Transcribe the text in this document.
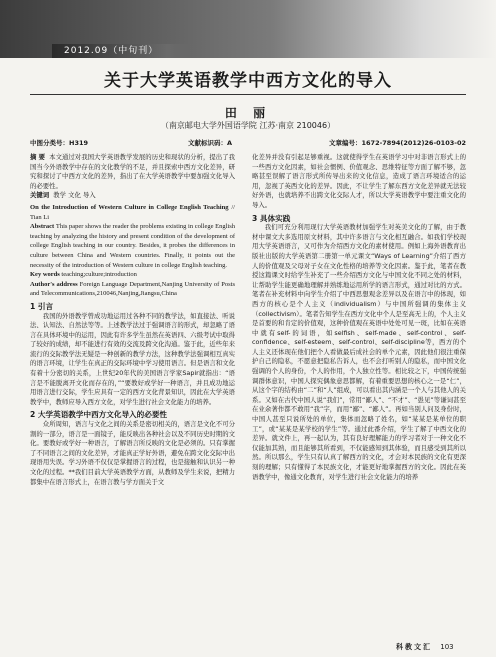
2012.09（中旬刊）
关于大学英语教学中西方文化的导入
田 丽
（南京邮电大学外国语学院 江苏·南京 210046）
中图分类号：H319	文献标识码：A	文章编号：1672-7894(2012)26-0103-02

摘 要 本文通过对我国大学英语教学发展的历史和现状的分析，提出了我国当今外语教学中存在的文化教学的不足，并且探索中西方文化差异，研究和探讨了中西方文化的差异，指出了在大学英语教学中要加强文化导入的必要性。

关键词 教学 文化 导入

On the Introduction of Western Culture in College English Teaching // Tian Li

Abstract This paper shows the reader the problems existing in college English teaching by analyzing the history and present condition of the development of college English teaching in our country. Besides, it probes the differences in culture between China and Western countries. Finally, it points out the necessity of the introduction of Western culture in college English teaching.

Key words teaching;culture;introduction

Author's address Foreign Language Department,Nanjing University of Posts and Telecommunications,210046,Nanjing,Jiangsu,China

1 引言

我国的外语教学曾成功地运用过各种不同的教学法，如直接法、听说法、认知法、自然法等等。上述教学法过于强调语言的形式，却忽略了语言在具体环境中的运用，因此有许多学生虽然在英语四、六级考试中取得了较好的成绩，却不能进行有效的交流及跨文化沟通。鉴于此，近些年来流行的交际教学法无疑是一种创新的教学方法，这种教学法强调相互真实的语言环境，让学生在真正的交际环境中学习使用语言。但是语言和文化有着十分密切的关系，上世纪20年代的美国语言学家Sapir就指出：“语言是不能脱离开文化而存在的，”“要教好或学好一种语言，并且成功地运用语言进行交际，学生应具有一定的西方文化背景知识，因此在大学英语教学中，教师应导入西方文化，对学生进行社会文化能力的培养。

2 大学英语教学中西方文化导入的必要性

众所周知，语言与文化之间的关系是密切相关的，语言是文化不可分割的一部分，语言是一面镜子，能反映出各种社会以及不同历史时期的文化。要教好或学好一种语言，了解语言所反映的文化是必须的。只有掌握了不同语言之间的文化差异，才能真正学好外语，避免在跨文化交际中出现语用失误。学习外语不仅仅是掌握语言的过程，也是接触和认识另一种文化的过程。**我们目前大学英语教学方面，从教师及学生来说，把精力都集中在语言形式上，在语言教与学方面关于文

化差异并没有引起足够重视。这就使得学生在英语学习中对非语言形式上的一些西方文化因素，如社会惯例、价值观念、思维特征等方面了解不够，忽略甚至误解了语言形式所传导出来的文化信息，造成了语言环境适合的运用，忽视了英西文化的差异。因此，不让学生了解东西方文化差异就无法较好外语，也就培养不出跨文化交际人才，所以大学英语教学中要注重文化的导入。

3 具体实践

我们可充分利用现行大学英语教材加强学生对英美文化的了解，由于教材中课文大多选用原文材料，其中许多语言与文化相互融合。如我们学校现用大学英语语言，又可作为介绍西方文化的素材使用。例如上海外语教育出版社出版的大学英语第二册第一单元课文“Ways of Learning”介绍了西方人的价值观及父母对子女在文化性格的培养等文化因素。鉴于此，笔者在教授这篇课文时给学生补充了一些介绍西方文化与中国文化不同之处的材料，让帮助学生能更确地理解并熟练地运用所学的语言形式，通过对比的方式。笔者在补充材料中向学生介绍了中西思想观念差异以及在语言中的体现，如西方的核心是个人主义（individualism）与中国所强调的集体主义（collectivism）。笔者告知学生在西方文化中个人是至高无上的，个人主义是首要的和肯定的价值观，这种价值观在英语中处处可见一斑，比如在英语中就有self-的词语，如selfish、self-made、self-control、self-confidence、self-esteem、self-control、self-discipline等，西方的个人主义还体现在他们把个人看做最后成社会的单个元素，因此他们很注重保护自己的隐私，不愿意把隐私告诉人，也不会打听别人的隐私，而中国文化强调的个人的身份，个人的作用，个人独立性等。相比较之下，中国传统强调群体意识，中国人探究偶象意思都解，有着重要思想的核心之一是“仁”，从这个字的结构由“二”和“人”组成，可以看出其内涵是一个人与其他人的关系。又如在古代中国人说“我们”，常用“鄙人”、“不才”、“愚见”等谦词甚至在业余著作都不敢用“我”字，而用“鄙”、“鄙人”。再如当别人问及身份时，中国人甚至只说所处的单位，集体而忽略了姓名，如“某某是某单位的职工”，或“某某是某学校的学生”等。通过此番介绍，学生了解了中西文化的差异。就文件上，再一起认为，其有良好理解能力的学习者对于一种文化不仅能加其熟，而且能够其所看到，不仅能感知到其体验，而且感受到其所以然。所以那么，学生只有认真了解西方的文化，才会对本民族的文化有更深刻的理解；只有懂得了本民族文化，才能更好地掌握西方的文化。因此在英语教学中，像通文化教育，对学生进行社会文化能力的培养

科教文汇 103
